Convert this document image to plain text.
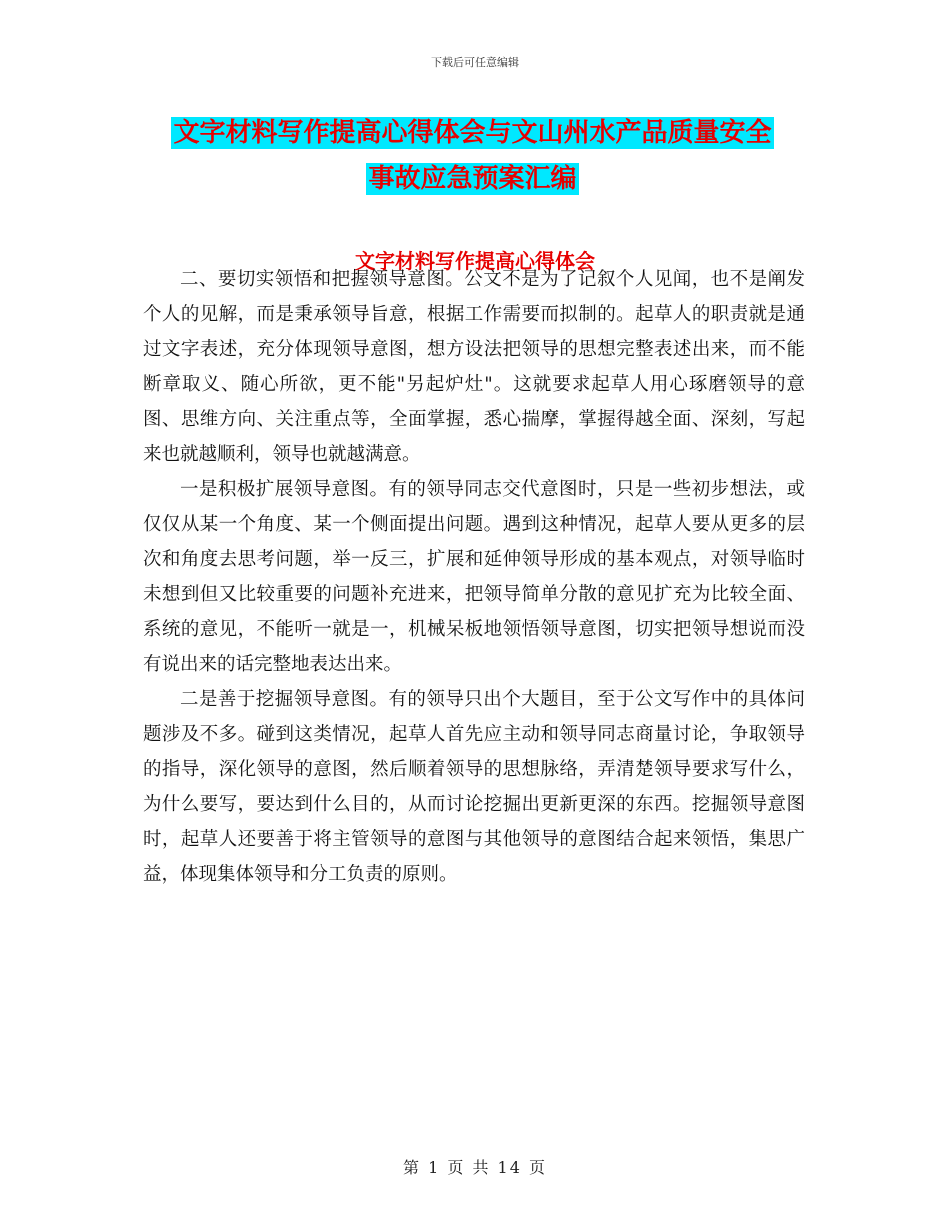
下载后可任意编辑
文字材料写作提高心得体会与文山州水产品质量安全
事故应急预案汇编
文字材料写作提高心得体会

二、要切实领悟和把握领导意图。公文不是为了记叙个人见闻，也不是阐发个人的见解，而是秉承领导旨意，根据工作需要而拟制的。起草人的职责就是通过文字表述，充分体现领导意图，想方设法把领导的思想完整表述出来，而不能断章取义、随心所欲，更不能"另起炉灶"。这就要求起草人用心琢磨领导的意图、思维方向、关注重点等，全面掌握，悉心揣摩，掌握得越全面、深刻，写起来也就越顺利，领导也就越满意。

一是积极扩展领导意图。有的领导同志交代意图时，只是一些初步想法，或仅仅从某一个角度、某一个侧面提出问题。遇到这种情况，起草人要从更多的层次和角度去思考问题，举一反三，扩展和延伸领导形成的基本观点，对领导临时未想到但又比较重要的问题补充进来，把领导简单分散的意见扩充为比较全面、系统的意见，不能听一就是一，机械呆板地领悟领导意图，切实把领导想说而没有说出来的话完整地表达出来。

二是善于挖掘领导意图。有的领导只出个大题目，至于公文写作中的具体问题涉及不多。碰到这类情况，起草人首先应主动和领导同志商量讨论，争取领导的指导，深化领导的意图，然后顺着领导的思想脉络，弄清楚领导要求写什么，为什么要写，要达到什么目的，从而讨论挖掘出更新更深的东西。挖掘领导意图时，起草人还要善于将主管领导的意图与其他领导的意图结合起来领悟，集思广益，体现集体领导和分工负责的原则。

第 1 页 共 14 页
